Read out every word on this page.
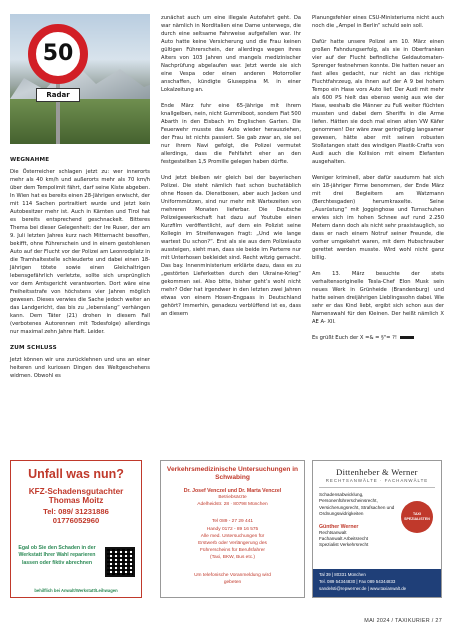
50
Radar
WEGNAHME

Die Österreicher schlagen jetzt zu: wer innerorts mehr als 40 km/h und außerorts mehr als 70 km/h über dem Tempolimit fährt, darf seine Kiste abgeben. In Wien hat es bereits einen 28-Jährigen erwischt, der mit 114 Sachen portraitiert wurde und jetzt kein Autobesitzer mehr ist. Auch in Kärnten und Tirol hat es bereits entsprechend geschnackelt. Bitteres Thema bei dieser Gelegenheit: der Ire Ruser, der am 9. Juli letzten Jahres kurz nach Mitternacht besoffen, bekifft, ohne Führerschein und in einem gestohlenen Auto auf der Flucht vor der Polizei am Leonrodplatz in die Tramhaltestelle schleuderte und dabei einen 18-Jährigen tötete sowie einen Gleichaltrigen lebensgefährlich verletzte, sollte sich ursprünglich vor dem Amtsgericht verantworten. Dort wäre eine Freiheitsstrafe von höchstens vier Jahren möglich gewesen. Dieses verwies die Sache jedoch weiter an das Landgericht, das bis zu „lebenslang“ verhängen kann. Dem Täter (21) drohen in diesem Fall (verbotenes Autorennen mit Todesfolge) allerdings nur maximal zehn Jahre Haft. Leider.

ZUM SCHLUSS

Jetzt können wir uns zurücklehnen und uns an einer heiteren und kuriosen Dingen des Weltgeschehens widmen. Obwohl es

zunächst auch um eine illegale Autofahrt geht. Da war nämlich in Norditalien eine Dame unterwegs, die durch eine seltsame Fahrweise aufgefallen war. Ihr Auto hatte keine Versicherung und die Frau keinen gültigen Führerschein, der allerdings wegen ihres Alters von 103 Jahren und mangels medizinischer Nachprüfung abgelaufen war. Jetzt werde sie sich eine Vespa oder einen anderen Motorroller anschaffen, kündigte Giuseppina M. in einer Lokalzeitung an.

Ende März fuhr eine 65-Jährige mit ihrem knallgelben, nein, nicht Gummiboot, sondern Fiat 500 Abarth in den Eisbach im Englischen Garten. Die Feuerwehr musste das Auto wieder herausziehen, der Frau ist nichts passiert. Sie gab zwar an, sie sei nur ihrem Navi gefolgt, die Polizei vermutet allerdings, dass die Fehlfahrt eher an den festgestellten 1,5 Promille gelegen haben dürfte.

Und jetzt bleiben wir gleich bei der bayerischen Polizei. Die steht nämlich fast schon buchstäblich ohne Hosen da. Dienstbosen, aber auch Jacken und Uniformmützen, sind nur mehr mit Wartezeiten von mehreren Monaten lieferbar. Die Deutsche Polizeigewerkschaft hat dazu auf Youtube einen Kurzfilm veröffentlicht, auf dem ein Polizist seine Kollegin im Streifenwagen fragt: „Und wie lange wartest Du schon?“. Erst als sie aus dem Polizeiauto aussteigen, sieht man, dass sie beide im Parterre nur mit Unterhosen bekleidet sind. Recht witzig gemacht. Das bay. Innenministerium erklärte dazu, dass es zu „gestörten Lieferketten durch den Ukraine-Krieg“ gekommen sei. Also bitte, bisher geht’s wohl nicht mehr? Oder hat irgendwer in den letzten zwei Jahren etwas von einem Hosen-Engpass in Deutschland gehört? Immerhin, genadezu verblüffend ist es, dass an diesem

Planungsfehler eines CSU-Ministeriums nicht auch noch die „Ampel in Berlin“ schuld sein soll.

Dafür hatte unsere Polizei am 10. März einen großen Fahndungserfolg, als sie in Oberfranken vier auf der Flucht befindliche Geldautomaten-Sprenger festnehmen konnte. Die hatten neuer an fast alles gedacht, nur nicht an das richtige Fluchtfahrzeug, als ihnen auf der A 9 bei hohem Tempo ein Hase vors Auto lief. Der Audi mit mehr als 600 PS hielt das ebenso wenig aus wie der Hase, weshalb die Männer zu Fuß weiter flüchten mussten und dabei dem Sheriffs in die Arme liefen. Hätten sie doch mal einen alten VW Käfer genommen! Der wäre zwar geringfügig langsamer gewesen, hätte aber mit seinen robusten Stoßstangen statt des windigen Plastik-Crafts von Audi auch die Kollision mit einem Elefanten ausgehalten.

Weniger kriminell, aber dafür saudumm hat sich ein 18-jähriger Firme benommen, der Ende März mit drei Begleitern am Watzmann (Berchtesgaden) herumkraxelte. Seine „Ausrüstung“ mit Jogginghose und Turnschuhen erwies sich im hohen Schnee auf rund 2.250 Metern dann doch als nicht sehr praxistauglich, so dass er nach einem Notruf seiner Freunde, die vorher umgekehrt waren, mit dem Hubschrauber gerettet werden musste. Wird wohl nicht ganz billig.

Am 13. März besuchte der stets verhaltensoriginelle Tesla-Chef Elon Musk sein neues Werk in Grünheide (Brandenburg) und hatte seinen dreijährigen Lieblingssohn dabei. Wie sehr er das Kind liebt, ergibt sich schon aus der Namenswahl für den Kleinen. Der heißt nämlich X AE A- XII.

Es grüßt Euch der X =& = §"= ?!

Unfall was nun?
KFZ-Schadensgutachter
Thomas Moitz
Tel: 089/ 31231886
01776052960
Egal ob Sie den Schaden in der Werkstatt Ihrer Wahl reparieren lassen oder fiktiv abrechnen
behilflich bei Anwalt/Werkstatt/Leihwagen
Verkehrsmedizinische Untersuchungen in Schwabing
Dr. Josef Venczel und Dr. Marta Venczel
Betriebsärzte
Adelheidstr. 28 · 80798 München
Tel 089 - 27 29 441
Handy 0172 - 89 16 575
Alle med. Untersuchungen für
Erstwerb oder Verlängerung des
Führerscheins für Berufsfahrer
(Taxi, BKW, Bus etc.)
Um telefonische Voranmeldung wird
gebeten
Dittenheber & Werner
RECHTSANWÄLTE · FACHANWÄLTE
Schadensabwicklung, Personenführerscheinsrecht, Versicherungsrecht, Strafsachen und Ordnungswidrigkeiten	TAXI SPEZIALISTEN
Günther Werner
Rechtsanwalt
Fachanwalt Arbeitsrecht
Spezialist Verkehrsrecht
Tal 39 | 80331 München
Tel. 089 54344830 | Fax 089 54344833
sandelsti@repwerner.de | www.taxianwalt.de
MAI 2024 / TAXIKURIER / 27
